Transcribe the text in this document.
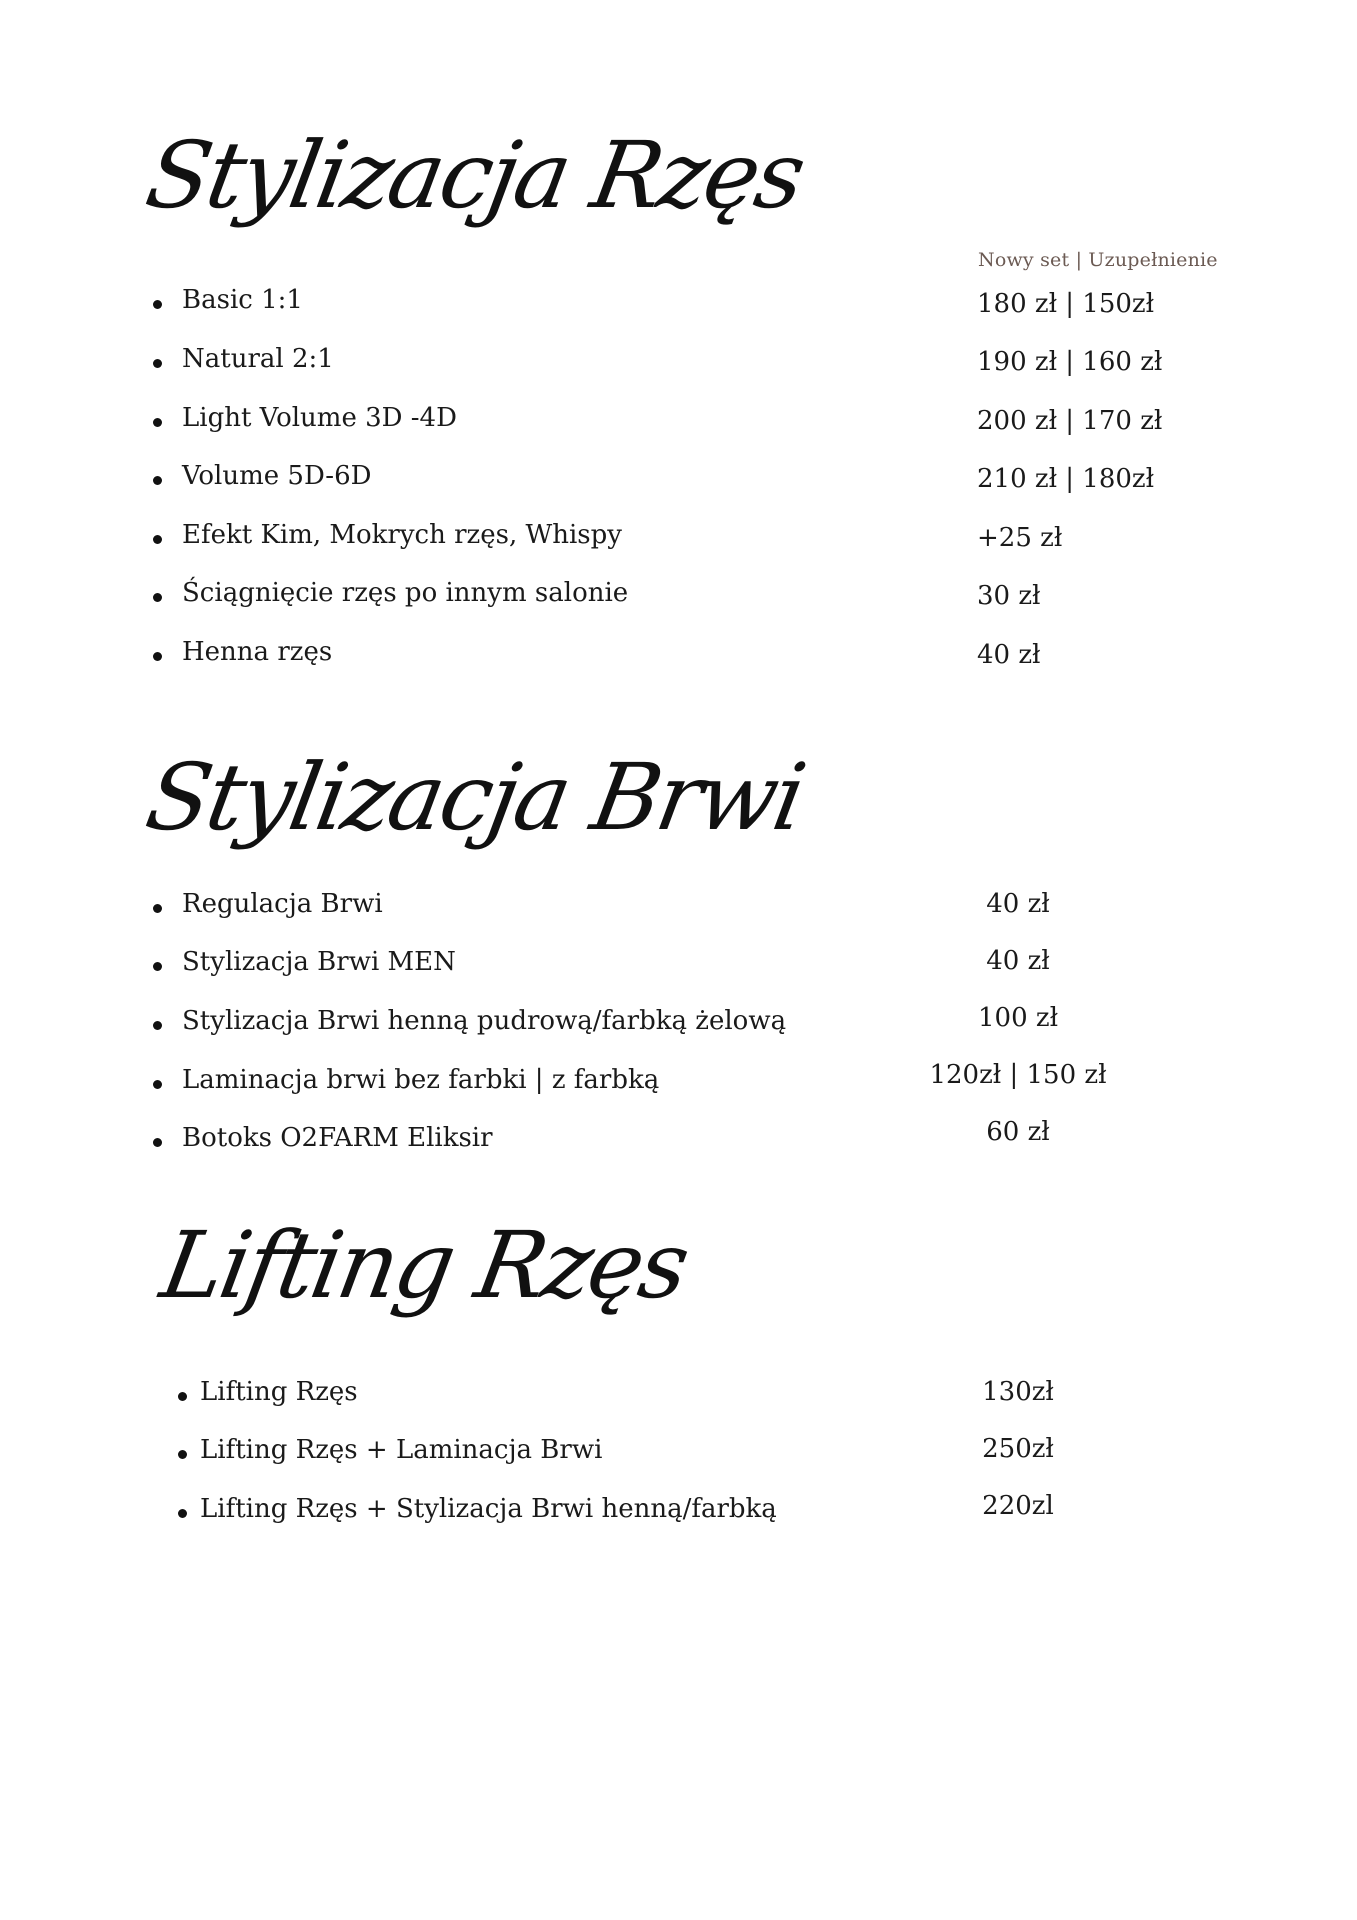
Stylizacja Rzęs
Nowy set | Uzupełnienie
Basic 1:1	180 zł | 150zł
Natural 2:1	190 zł | 160 zł
Light Volume 3D -4D	200 zł | 170 zł
Volume 5D-6D	210 zł | 180zł
Efekt Kim, Mokrych rzęs, Whispy	+25 zł
Ściągnięcie rzęs po innym salonie	30 zł
Henna rzęs	40 zł
Stylizacja Brwi
Regulacja Brwi	40 zł
Stylizacja Brwi MEN	40 zł
Stylizacja Brwi henną pudrową/farbką żelową	100 zł
Laminacja brwi bez farbki | z farbką	120zł | 150 zł
Botoks O2FARM Eliksir	60 zł
Lifting Rzęs
Lifting Rzęs	130zł
Lifting Rzęs + Laminacja Brwi	250zł
Lifting Rzęs + Stylizacja Brwi henną/farbką	220zl
